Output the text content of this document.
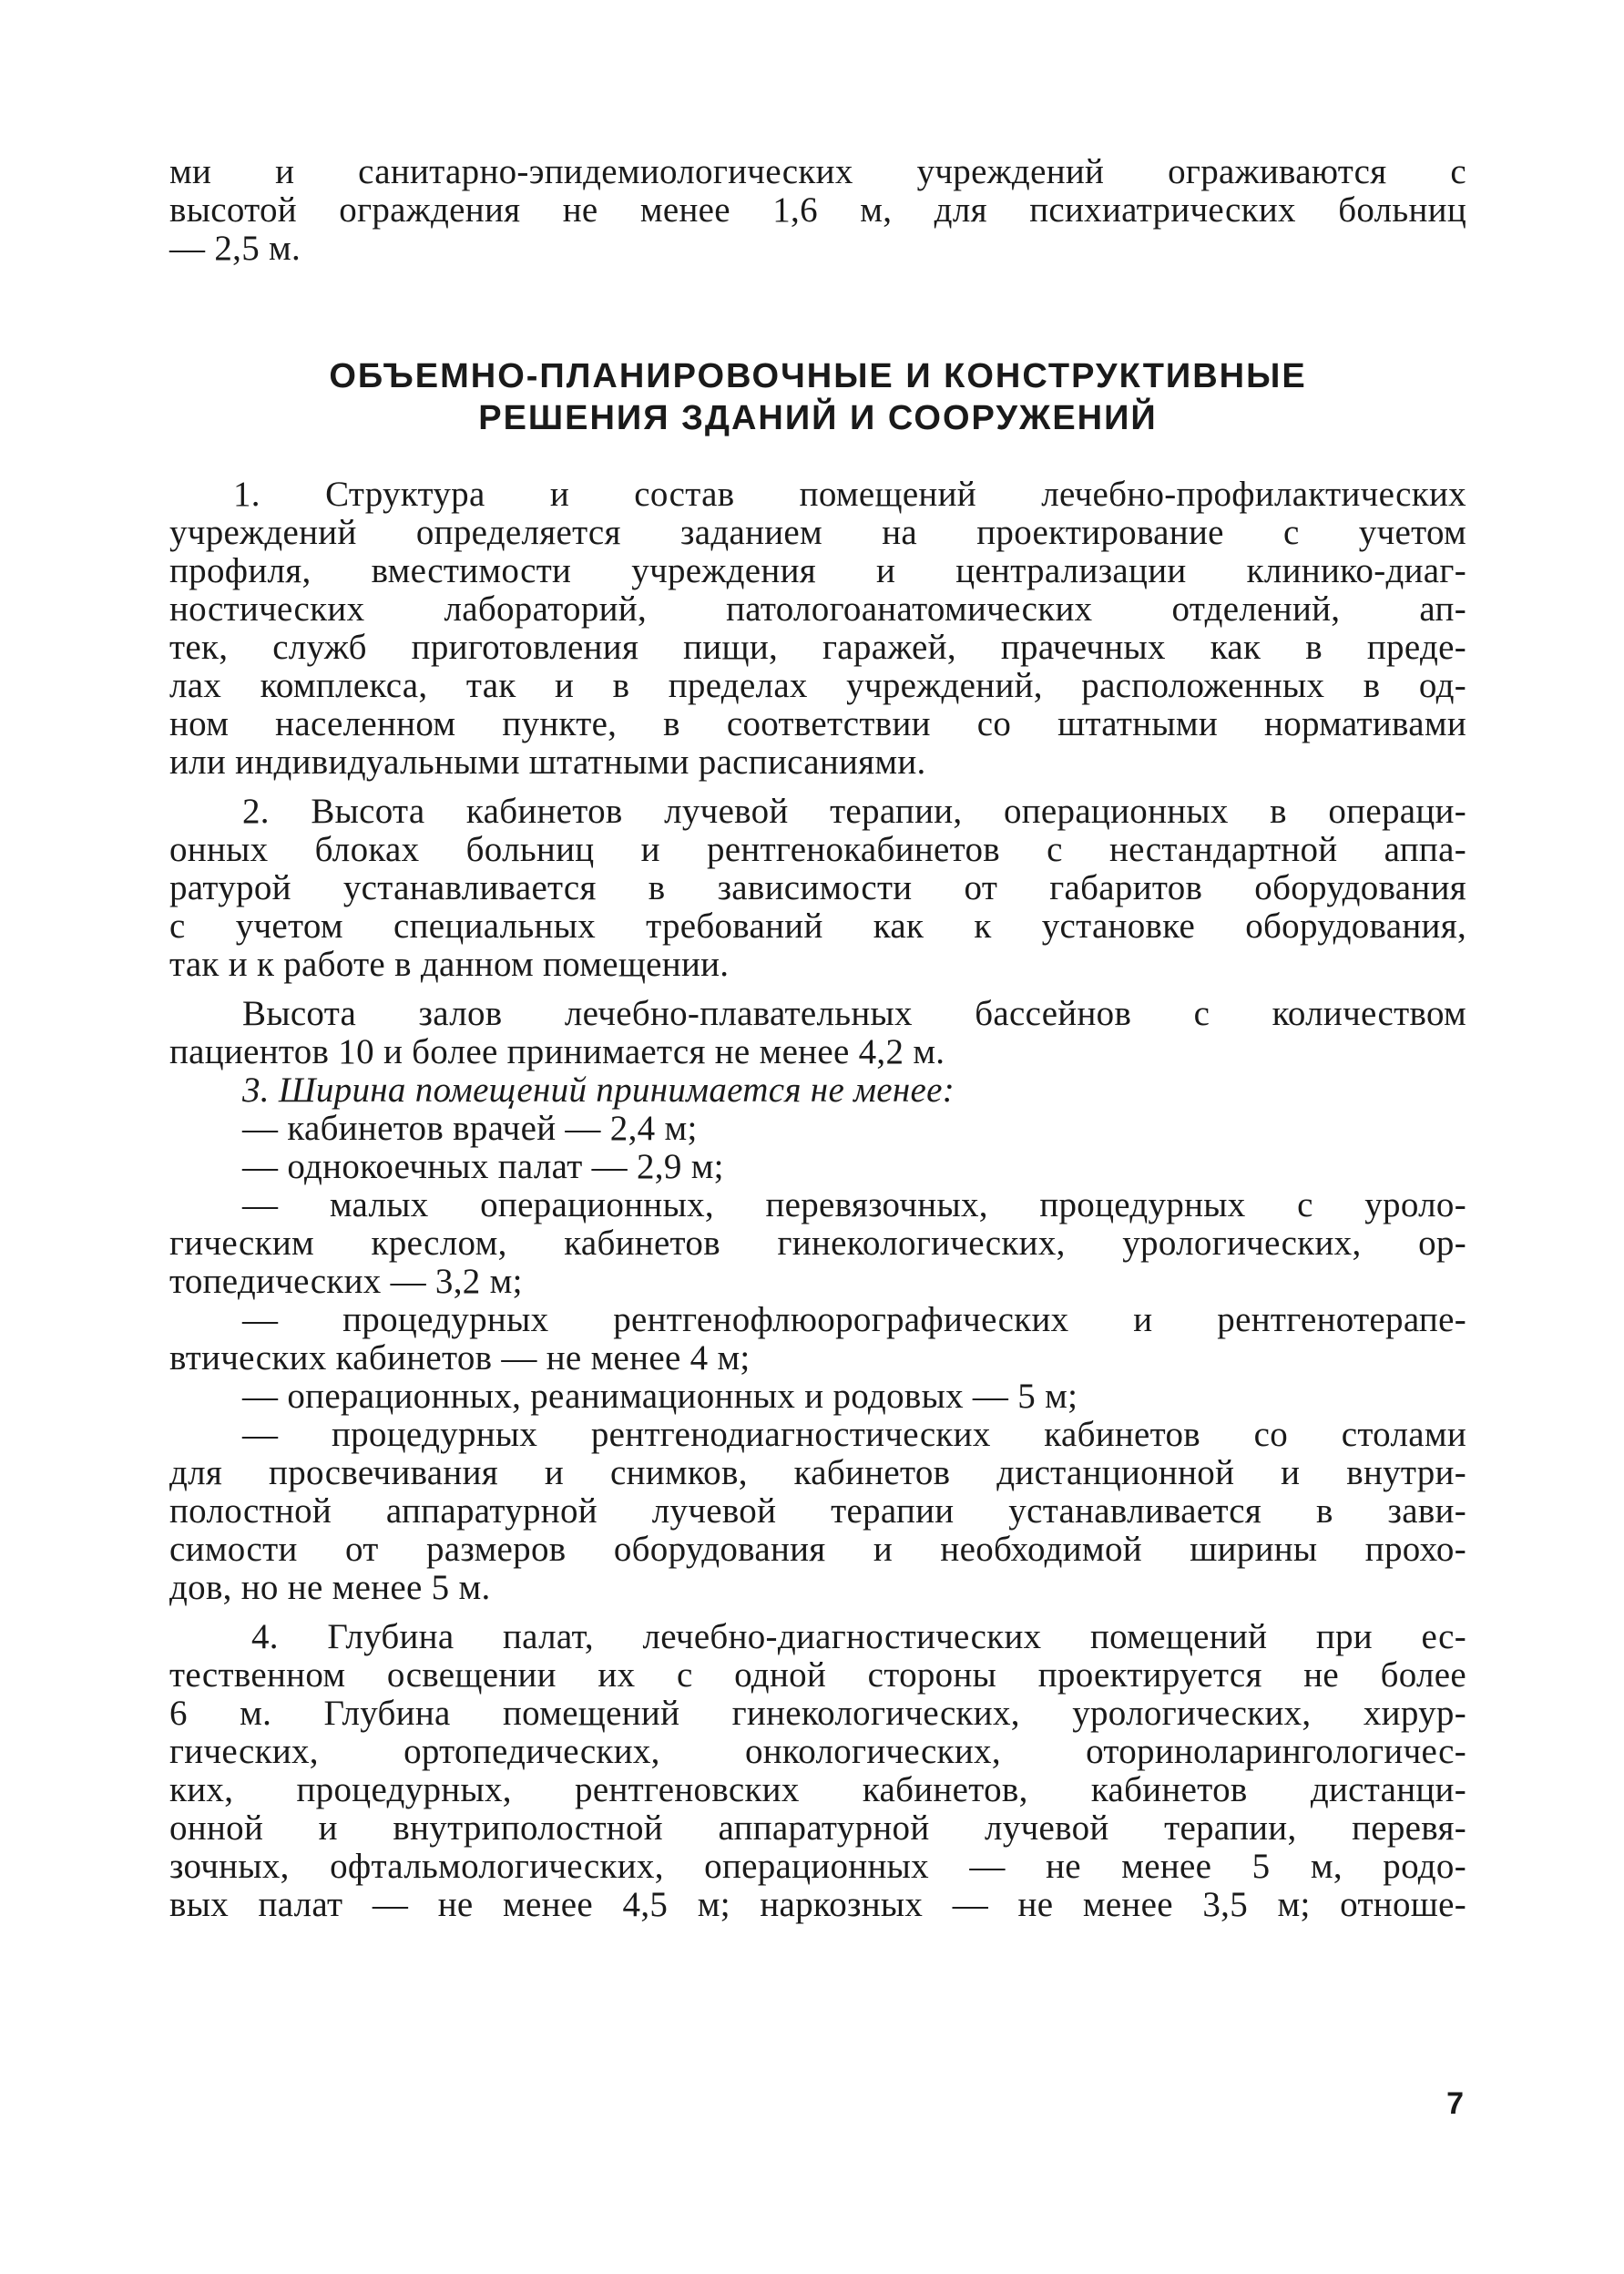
ми и санитарно-эпидемиологических учреждений ограживаются с
высотой ограждения не менее 1,6 м, для психиатрических больниц
— 2,5 м.
ОБЪЕМНО-ПЛАНИРОВОЧНЫЕ И КОНСТРУКТИВНЫЕ
РЕШЕНИЯ ЗДАНИЙ И СООРУЖЕНИЙ
1. Структура и состав помещений лечебно-профилактических
учреждений определяется заданием на проектирование с учетом
профиля, вместимости учреждения и централизации клинико-диаг-
ностических лабораторий, патологоанатомических отделений, ап-
тек, служб приготовления пищи, гаражей, прачечных как в преде-
лах комплекса, так и в пределах учреждений, расположенных в од-
ном населенном пункте, в соответствии со штатными нормативами
или индивидуальными штатными расписаниями.
2. Высота кабинетов лучевой терапии, операционных в операци-
онных блоках больниц и рентгенокабинетов с нестандартной аппа-
ратурой устанавливается в зависимости от габаритов оборудования
с учетом специальных требований как к установке оборудования,
так и к работе в данном помещении.
Высота залов лечебно-плавательных бассейнов с количеством
пациентов 10 и более принимается не менее 4,2 м.
3. Ширина помещений принимается не менее:
— кабинетов врачей — 2,4 м;
— однокоечных палат — 2,9 м;
— малых операционных, перевязочных, процедурных с уроло-
гическим креслом, кабинетов гинекологических, урологических, ор-
топедических — 3,2 м;
— процедурных рентгенофлюорографических и рентгенотерапе-
втических кабинетов — не менее 4 м;
— операционных, реанимационных и родовых — 5 м;
— процедурных рентгенодиагностических кабинетов со столами
для просвечивания и снимков, кабинетов дистанционной и внутри-
полостной аппаратурной лучевой терапии устанавливается в зави-
симости от размеров оборудования и необходимой ширины прохо-
дов, но не менее 5 м.
4. Глубина палат, лечебно-диагностических помещений при ес-
тественном освещении их с одной стороны проектируется не более
6 м. Глубина помещений гинекологических, урологических, хирур-
гических, ортопедических, онкологических, оториноларингологичес-
ких, процедурных, рентгеновских кабинетов, кабинетов дистанци-
онной и внутриполостной аппаратурной лучевой терапии, перевя-
зочных, офтальмологических, операционных — не менее 5 м, родо-
вых палат — не менее 4,5 м; наркозных — не менее 3,5 м; отноше-
7
